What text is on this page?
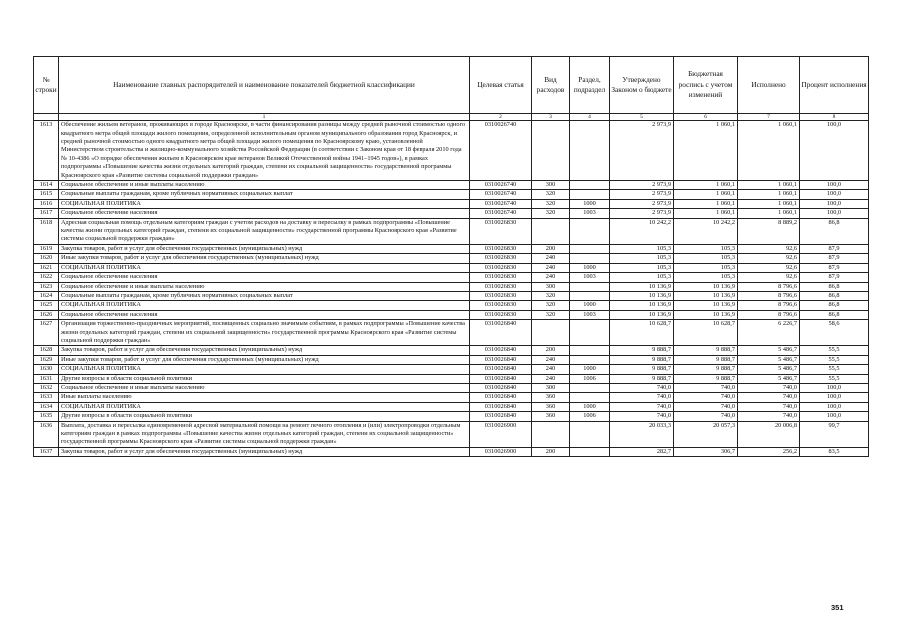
№ строки	Наименование главных распорядителей и наименование показателей бюджетной классификации	Целевая статья	Вид расходов	Раздел, подраздел	Утверждено Законом о бюджете	Бюджетная роспись с учетом изменений	Исполнено	Процент исполнения
	1	2	3	4	5	6	7	8
1613	Обеспечение жильем ветеранов, проживающих в городе Красноярске, в части финансирования разницы между средней рыночной стоимостью одного квадратного метра общей площади жилого помещения, определенной исполнительным органом муниципального образования город Красноярск, и средней рыночной стоимостью одного квадратного метра общей площади жилого помещения по Красноярскому краю, установленной Министерством строительства и жилищно-коммунального хозяйства Российской Федерации (в соответствии с Законом края от 18 февраля 2010 года № 10-4386 «О порядке обеспечения жильем в Красноярском крае ветеранов Великой Отечественной войны 1941–1945 годов»), в рамках подпрограммы «Повышение качества жизни отдельных категорий граждан, степени их социальной защищенности» государственной программы Красноярского края «Развитие системы социальной поддержки граждан»	0310026740			2 973,9	1 060,1	1 060,1	100,0
1614	Социальное обеспечение и иные выплаты населению	0310026740	300		2 973,9	1 060,1	1 060,1	100,0
1615	Социальные выплаты гражданам, кроме публичных нормативных социальных выплат	0310026740	320		2 973,9	1 060,1	1 060,1	100,0
1616	СОЦИАЛЬНАЯ ПОЛИТИКА	0310026740	320	1000	2 973,9	1 060,1	1 060,1	100,0
1617	Социальное обеспечение населения	0310026740	320	1003	2 973,9	1 060,1	1 060,1	100,0
1618	Адресная социальная помощь отдельным категориям граждан с учетом расходов на доставку и пересылку в рамках подпрограммы «Повышение качества жизни отдельных категорий граждан, степени их социальной защищенности» государственной программы Красноярского края «Развитие системы социальной поддержки граждан»	0310026830			10 242,2	10 242,2	8 889,2	86,8
1619	Закупка товаров, работ и услуг для обеспечения государственных (муниципальных) нужд	0310026830	200		105,3	105,3	92,6	87,9
1620	Иные закупки товаров, работ и услуг для обеспечения государственных (муниципальных) нужд	0310026830	240		105,3	105,3	92,6	87,9
1621	СОЦИАЛЬНАЯ ПОЛИТИКА	0310026830	240	1000	105,3	105,3	92,6	87,9
1622	Социальное обеспечение населения	0310026830	240	1003	105,3	105,3	92,6	87,9
1623	Социальное обеспечение и иные выплаты населению	0310026830	300		10 136,9	10 136,9	8 796,6	86,8
1624	Социальные выплаты гражданам, кроме публичных нормативных социальных выплат	0310026830	320		10 136,9	10 136,9	8 796,6	86,8
1625	СОЦИАЛЬНАЯ ПОЛИТИКА	0310026830	320	1000	10 136,9	10 136,9	8 796,6	86,8
1626	Социальное обеспечение населения	0310026830	320	1003	10 136,9	10 136,9	8 796,6	86,8
1627	Организация торжественно-праздничных мероприятий, посвященных социально значимым событиям, в рамках подпрограммы «Повышение качества жизни отдельных категорий граждан, степени их социальной защищенности» государственной программы Красноярского края «Развитие системы социальной поддержки граждан»	0310026840			10 628,7	10 628,7	6 226,7	58,6
1628	Закупка товаров, работ и услуг для обеспечения государственных (муниципальных) нужд	0310026840	200		9 888,7	9 888,7	5 486,7	55,5
1629	Иные закупки товаров, работ и услуг для обеспечения государственных (муниципальных) нужд	0310026840	240		9 888,7	9 888,7	5 486,7	55,5
1630	СОЦИАЛЬНАЯ ПОЛИТИКА	0310026840	240	1000	9 888,7	9 888,7	5 486,7	55,5
1631	Другие вопросы в области социальной политики	0310026840	240	1006	9 888,7	9 888,7	5 486,7	55,5
1632	Социальное обеспечение и иные выплаты населению	0310026840	300		740,0	740,0	740,0	100,0
1633	Иные выплаты населению	0310026840	360		740,0	740,0	740,0	100,0
1634	СОЦИАЛЬНАЯ ПОЛИТИКА	0310026840	360	1000	740,0	740,0	740,0	100,0
1635	Другие вопросы в области социальной политики	0310026840	360	1006	740,0	740,0	740,0	100,0
1636	Выплата, доставка и пересылка единовременной адресной материальной помощи на ремонт печного отопления и (или) электропроводки отдельным категориям граждан в рамках подпрограммы «Повышение качества жизни отдельных категорий граждан, степени их социальной защищенности» государственной программы Красноярского края «Развитие системы социальной поддержки граждан»	0310026900			20 033,3	20 057,3	20 006,8	99,7
1637	Закупка товаров, работ и услуг для обеспечения государственных (муниципальных) нужд	0310026900	200		282,7	306,7	256,2	83,5
351
